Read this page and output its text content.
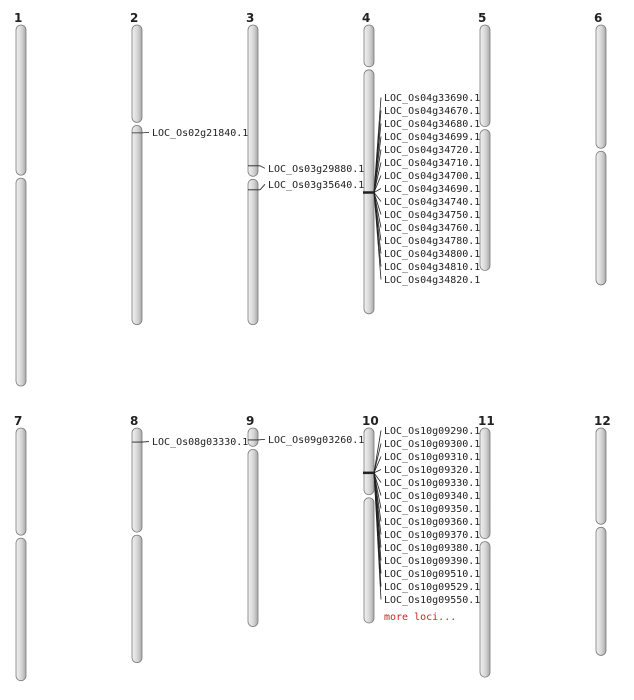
1	2
LOC_Os02g21840.1
3
LOC_Os03g29880.1
LOC_Os03g35640.1
4
LOC_Os04g33690.1
LOC_Os04g34670.1
LOC_Os04g34680.1
LOC_Os04g34699.1
LOC_Os04g34720.1
LOC_Os04g34710.1
LOC_Os04g34700.1
LOC_Os04g34690.1
LOC_Os04g34740.1
LOC_Os04g34750.1
LOC_Os04g34760.1
LOC_Os04g34780.1
LOC_Os04g34800.1
LOC_Os04g34810.1
LOC_Os04g34820.1
5	6
7	8
LOC_Os08g03330.1
9
LOC_Os09g03260.1
10
LOC_Os10g09290.1
LOC_Os10g09300.1
LOC_Os10g09310.1
LOC_Os10g09320.1
LOC_Os10g09330.1
LOC_Os10g09340.1
LOC_Os10g09350.1
LOC_Os10g09360.1
LOC_Os10g09370.1
LOC_Os10g09380.1
LOC_Os10g09390.1
LOC_Os10g09510.1
LOC_Os10g09529.1
LOC_Os10g09550.1
more loci...
11	12
